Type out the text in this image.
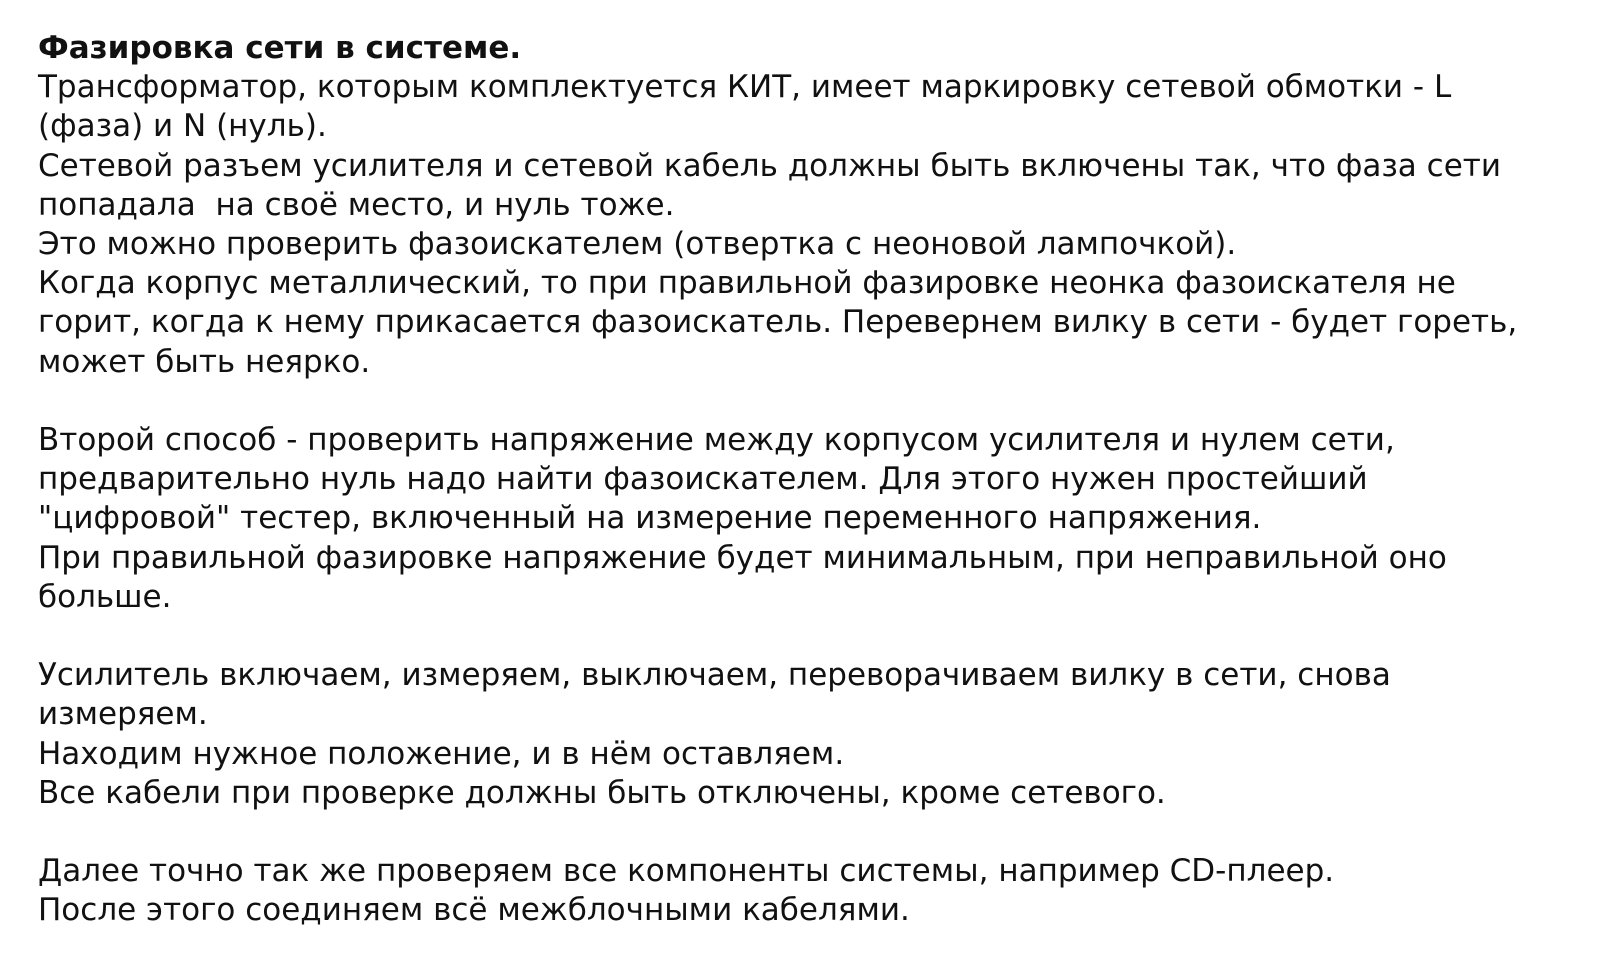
Фазировка сети в системе.

Трансформатор, которым комплектуется КИТ, имеет маркировку сетевой обмотки - L

(фаза) и N (нуль).

Сетевой разъем усилителя и сетевой кабель должны быть включены так, что фаза сети

попадала  на своё место, и нуль тоже.

Это можно проверить фазоискателем (отвертка с неоновой лампочкой).

Когда корпус металлический, то при правильной фазировке неонка фазоискателя не

горит, когда к нему прикасается фазоискатель. Перевернем вилку в сети - будет гореть,

может быть неярко.

Второй способ - проверить напряжение между корпусом усилителя и нулем сети,

предварительно нуль надо найти фазоискателем. Для этого нужен простейший

"цифровой" тестер, включенный на измерение переменного напряжения.

При правильной фазировке напряжение будет минимальным, при неправильной оно

больше.

Усилитель включаем, измеряем, выключаем, переворачиваем вилку в сети, снова

измеряем.

Находим нужное положение, и в нём оставляем.

Все кабели при проверке должны быть отключены, кроме сетевого.

Далее точно так же проверяем все компоненты системы, например CD-плеер.

После этого соединяем всё межблочными кабелями.
